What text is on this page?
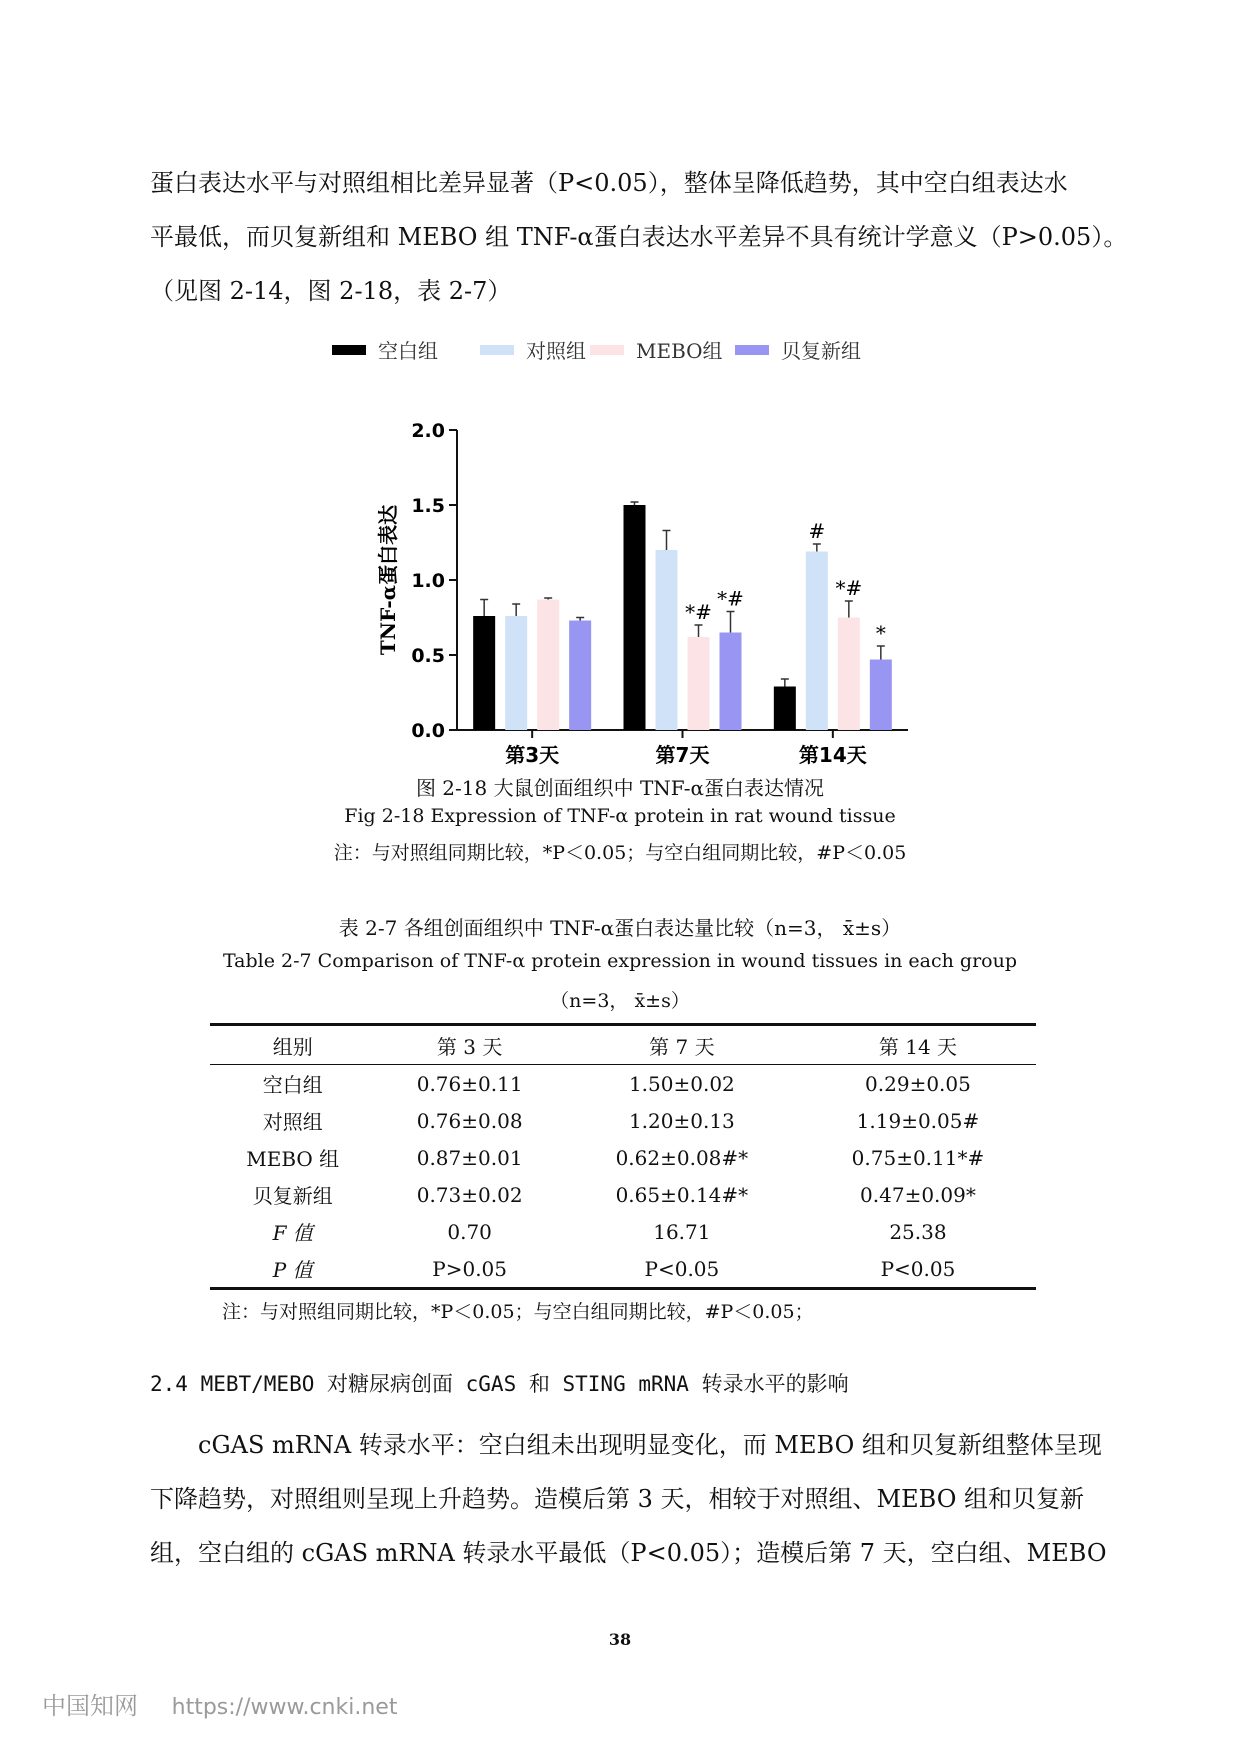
蛋白表达水平与对照组相比差异显著（P<0.05），整体呈降低趋势，其中空白组表达水
平最低，而贝复新组和 MEBO 组 TNF-α蛋白表达水平差异不具有统计学意义（P>0.05）。
（见图 2-14，图 2-18，表 2-7）
空白组	对照组	MEBO组	贝复新组
0.0
0.5
1.0
1.5
2.0
TNF-α蛋白表达
第3天
*#
*#
第7天
#
*#
*
第14天
图 2-18 大鼠创面组织中 TNF-α蛋白表达情况
Fig 2-18 Expression of TNF-α protein in rat wound tissue
注：与对照组同期比较，*P＜0.05；与空白组同期比较，#P＜0.05
表 2-7 各组创面组织中 TNF-α蛋白表达量比较（n=3， x̄±s）
Table 2-7 Comparison of TNF-α protein expression in wound tissues in each group
（n=3， x̄±s）
组别	第 3 天	第 7 天	第 14 天
空白组	0.76±0.11	1.50±0.02	0.29±0.05
对照组	0.76±0.08	1.20±0.13	1.19±0.05#
MEBO 组	0.87±0.01	0.62±0.08#*	0.75±0.11*#
贝复新组	0.73±0.02	0.65±0.14#*	0.47±0.09*
F 值	0.70	16.71	25.38
P 值	P>0.05	P<0.05	P<0.05
注：与对照组同期比较，*P＜0.05；与空白组同期比较，#P＜0.05；
2.4 MEBT/MEBO 对糖尿病创面 cGAS 和 STING mRNA 转录水平的影响
cGAS mRNA 转录水平：空白组未出现明显变化，而 MEBO 组和贝复新组整体呈现
下降趋势，对照组则呈现上升趋势。造模后第 3 天，相较于对照组、MEBO 组和贝复新
组，空白组的 cGAS mRNA 转录水平最低（P<0.05）；造模后第 7 天，空白组、MEBO
38
中国知网 https://www.cnki.net
